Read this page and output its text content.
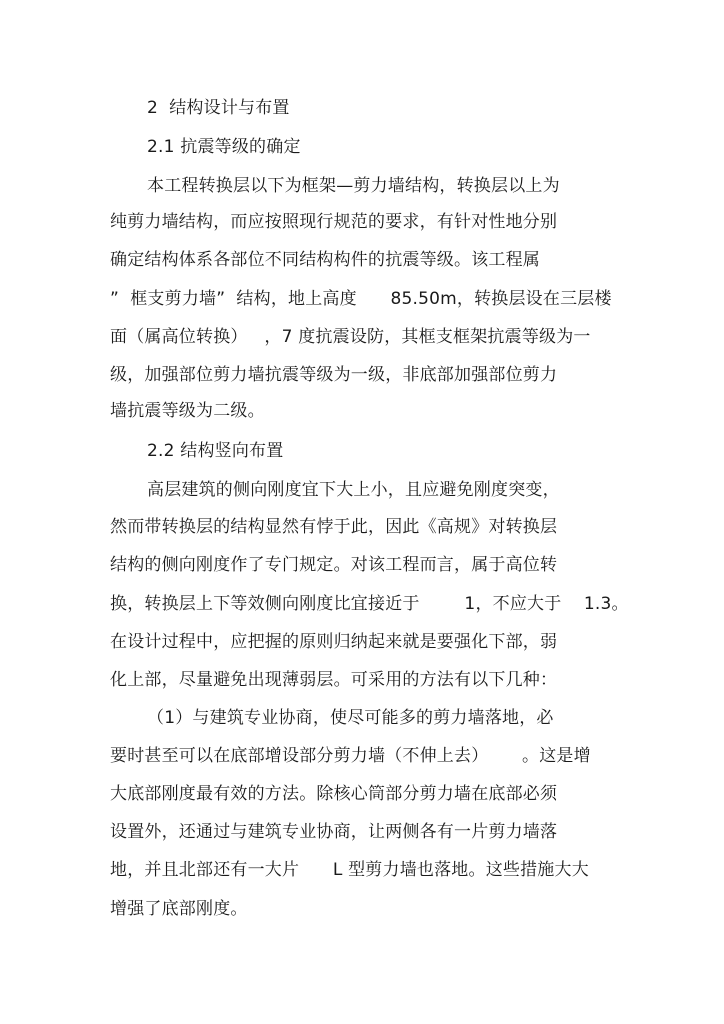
2  结构设计与布置
2.1 抗震等级的确定
本工程转换层以下为框架—剪力墙结构，转换层以上为
纯剪力墙结构，而应按照现行规范的要求，有针对性地分别
确定结构体系各部位不同结构构件的抗震等级。该工程属
”  框支剪力墙”  结构，地上高度      85.50m，转换层设在三层楼
面（属高位转换）   ，7 度抗震设防，其框支框架抗震等级为一
级，加强部位剪力墙抗震等级为一级，非底部加强部位剪力
墙抗震等级为二级。
2.2 结构竖向布置
高层建筑的侧向刚度宜下大上小，且应避免刚度突变，
然而带转换层的结构显然有悖于此，因此《高规》对转换层
结构的侧向刚度作了专门规定。对该工程而言，属于高位转
换，转换层上下等效侧向刚度比宜接近于        1，不应大于    1.3。
在设计过程中，应把握的原则归纳起来就是要强化下部，弱
化上部，尽量避免出现薄弱层。可采用的方法有以下几种：
（1）与建筑专业协商，使尽可能多的剪力墙落地，必
要时甚至可以在底部增设部分剪力墙（不伸上去）      。这是增
大底部刚度最有效的方法。除核心筒部分剪力墙在底部必须
设置外，还通过与建筑专业协商，让两侧各有一片剪力墙落
地，并且北部还有一大片      L 型剪力墙也落地。这些措施大大
增强了底部刚度。
